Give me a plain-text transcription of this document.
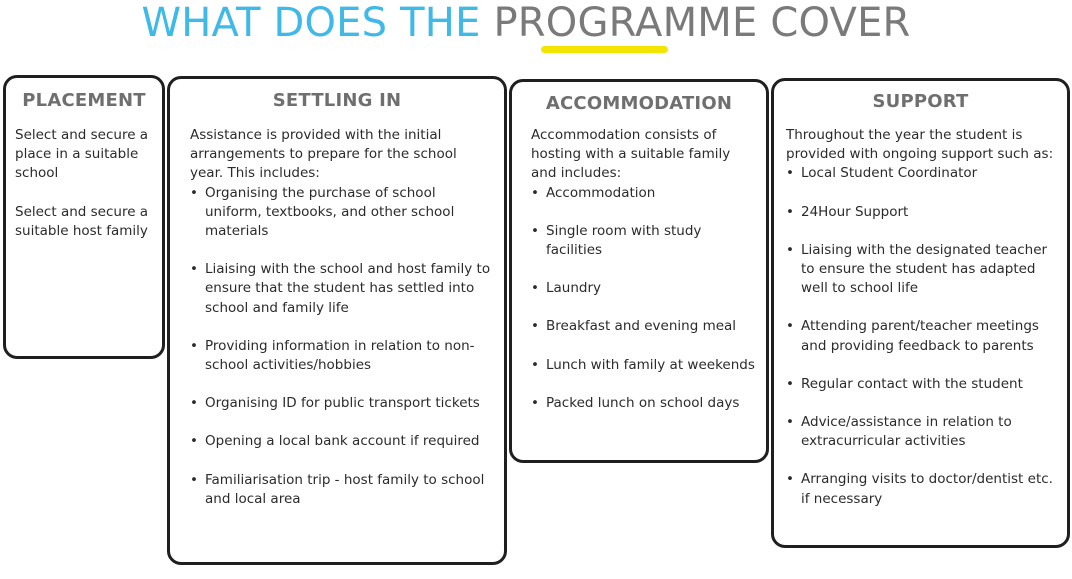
WHAT DOES THE PROGRAMME COVER
PLACEMENT

Select and secure a place in a suitable school

Select and secure a suitable host family

SETTLING IN

Assistance is provided with the initial arrangements to prepare for the school year. This includes:

• Organising the purchase of school uniform, textbooks, and other school materials
• Liaising with the school and host family to ensure that the student has settled into school and family life
• Providing information in relation to non-school activities/hobbies
• Organising ID for public transport tickets
• Opening a local bank account if required
• Familiarisation trip - host family to school and local area
ACCOMMODATION

Accommodation consists of hosting with a suitable family and includes:

• Accommodation
• Single room with study facilities
• Laundry
• Breakfast and evening meal
• Lunch with family at weekends
• Packed lunch on school days
SUPPORT

Throughout the year the student is provided with ongoing support such as:

• Local Student Coordinator
• 24Hour Support
• Liaising with the designated teacher to ensure the student has adapted well to school life
• Attending parent/teacher meetings and providing feedback to parents
• Regular contact with the student
• Advice/assistance in relation to extracurricular activities
• Arranging visits to doctor/dentist etc. if necessary
